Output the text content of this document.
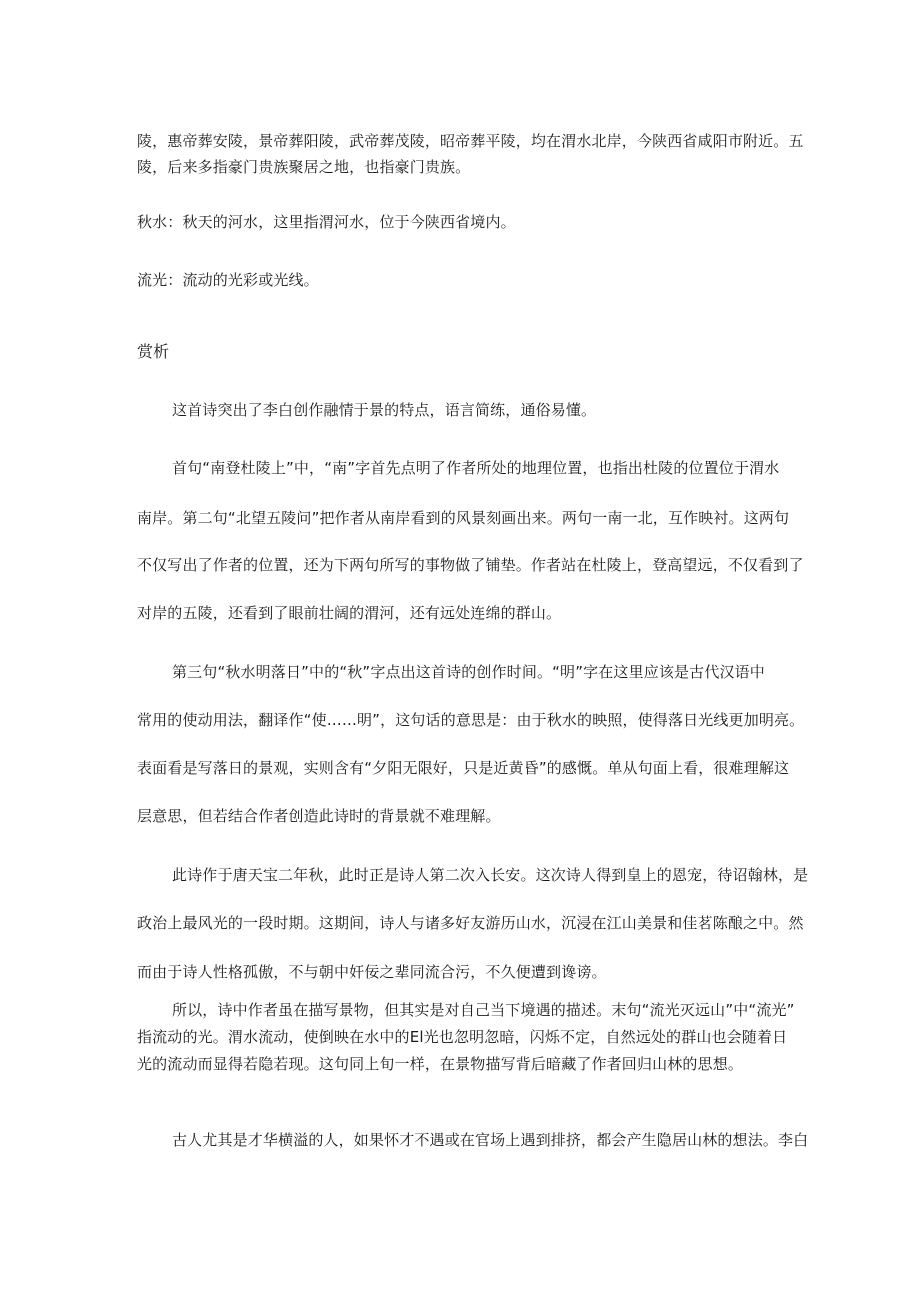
陵，惠帝葬安陵，景帝葬阳陵，武帝葬茂陵，昭帝葬平陵，均在渭水北岸，今陕西省咸阳市附近。五
陵，后来多指豪门贵族聚居之地，也指豪门贵族。
秋水：秋天的河水，这里指渭河水，位于今陕西省境内。
流光：流动的光彩或光线。
赏析
这首诗突出了李白创作融情于景的特点，语言简练，通俗易懂。
首句“南登杜陵上”中，“南”字首先点明了作者所处的地理位置，也指出杜陵的位置位于渭水
南岸。第二句“北望五陵问”把作者从南岸看到的风景刻画出来。两句一南一北，互作映衬。这两句
不仅写出了作者的位置，还为下两句所写的事物做了铺垫。作者站在杜陵上，登高望远，不仅看到了
对岸的五陵，还看到了眼前壮阔的渭河，还有远处连绵的群山。
第三句“秋水明落日”中的“秋”字点出这首诗的创作时间。“明”字在这里应该是古代汉语中
常用的使动用法，翻译作“使……明”，这句话的意思是：由于秋水的映照，使得落日光线更加明亮。
表面看是写落日的景观，实则含有“夕阳无限好，只是近黄昏”的感慨。单从句面上看，很难理解这
层意思，但若结合作者创造此诗时的背景就不难理解。
此诗作于唐天宝二年秋，此时正是诗人第二次入长安。这次诗人得到皇上的恩宠，待诏翰林，是
政治上最风光的一段时期。这期间，诗人与诸多好友游历山水，沉浸在江山美景和佳茗陈酿之中。然
而由于诗人性格孤傲，不与朝中奸佞之辈同流合污，不久便遭到谗谤。
所以，诗中作者虽在描写景物，但其实是对自己当下境遇的描述。末句“流光灭远山”中“流光”
指流动的光。渭水流动，使倒映在水中的El光也忽明忽暗，闪烁不定，自然远处的群山也会随着日
光的流动而显得若隐若现。这句同上旬一样，在景物描写背后暗藏了作者回归山林的思想。
古人尤其是才华横溢的人，如果怀才不遇或在官场上遇到排挤，都会产生隐居山林的想法。李白
